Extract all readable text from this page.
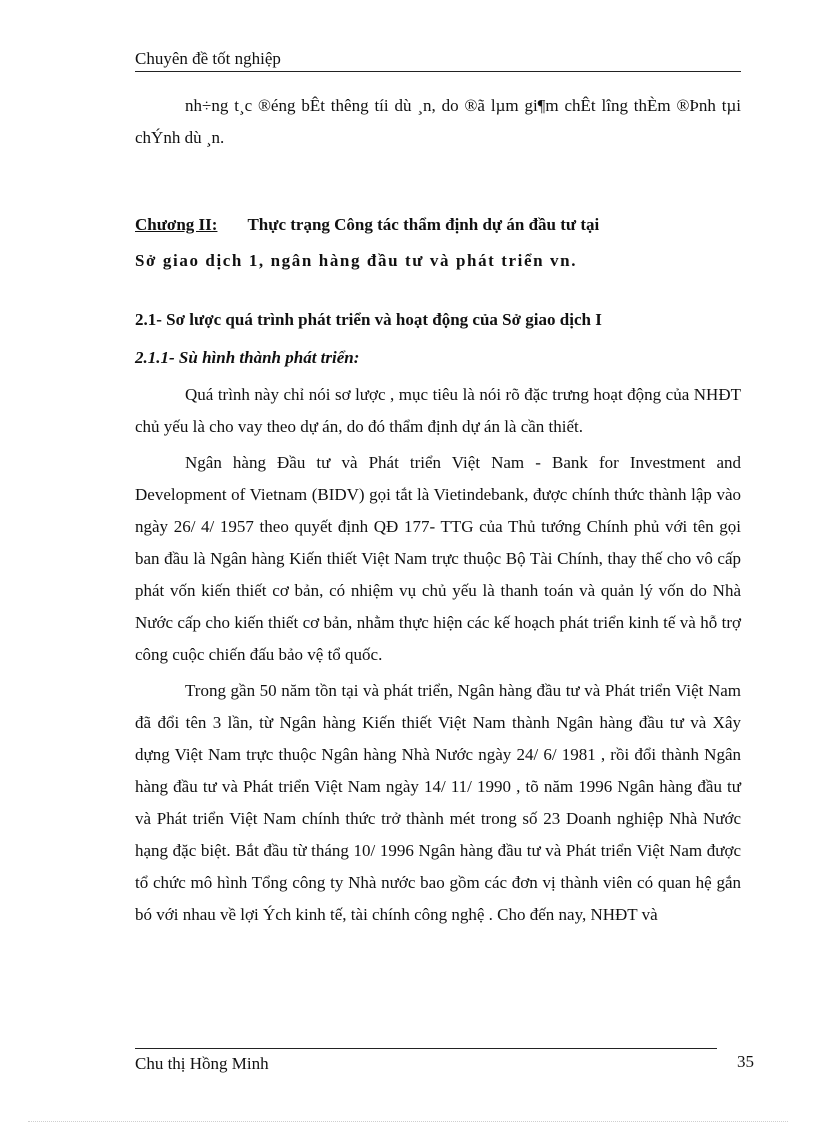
Chuyên đề tốt nghiệp

nh÷ng t¸c ®éng bÊt thêng tíi dù ¸n, do ®ã lµm gi¶m chÊt lîng thÈm ®Þnh tµi chÝnh dù ¸n.

Chương II: Thực trạng Công tác thẩm định dự án đầu tư tại

Sở giao dịch 1, ngân hàng đầu tư và phát triển vn.

2.1- Sơ lược quá trình phát triển và hoạt động của Sở giao dịch I

2.1.1- Sù hình thành phát triển:

Quá trình này chỉ nói sơ lược , mục tiêu là nói rõ đặc trưng hoạt động của NHĐT chủ yếu là cho vay theo dự án, do đó thẩm định dự án là cần thiết.

Ngân hàng Đầu tư và Phát triển Việt Nam - Bank for Investment and Development of Vietnam (BIDV) gọi tắt là Vietindebank, được chính thức thành lập vào ngày 26/ 4/ 1957 theo quyết định QĐ 177- TTG của Thủ tướng Chính phủ với tên gọi ban đầu là Ngân hàng Kiến thiết Việt Nam trực thuộc Bộ Tài Chính, thay thế cho vô cấp phát vốn kiến thiết cơ bản, có nhiệm vụ chủ yếu là thanh toán và quản lý vốn do Nhà Nước cấp cho kiến thiết cơ bản, nhằm thực hiện các kế hoạch phát triển kinh tế và hỗ trợ công cuộc chiến đấu bảo vệ tổ quốc.

Trong gần 50 năm tồn tại và phát triển, Ngân hàng đầu tư và Phát triển Việt Nam đã đổi tên 3 lần, từ Ngân hàng Kiến thiết Việt Nam thành Ngân hàng đầu tư và Xây dựng Việt Nam trực thuộc Ngân hàng Nhà Nước ngày 24/ 6/ 1981 , rồi đổi thành Ngân hàng đầu tư và Phát triển Việt Nam ngày 14/ 11/ 1990 , tõ năm 1996 Ngân hàng đầu tư và Phát triển Việt Nam chính thức trở thành mét trong số 23 Doanh nghiệp Nhà Nước hạng đặc biệt. Bắt đầu từ tháng 10/ 1996 Ngân hàng đầu tư và Phát triển Việt Nam được tổ chức mô hình Tổng công ty Nhà nước bao gồm các đơn vị thành viên có quan hệ gắn bó với nhau về lợi Ých kinh tế, tài chính công nghệ . Cho đến nay, NHĐT và

Chu thị Hồng Minh	35
